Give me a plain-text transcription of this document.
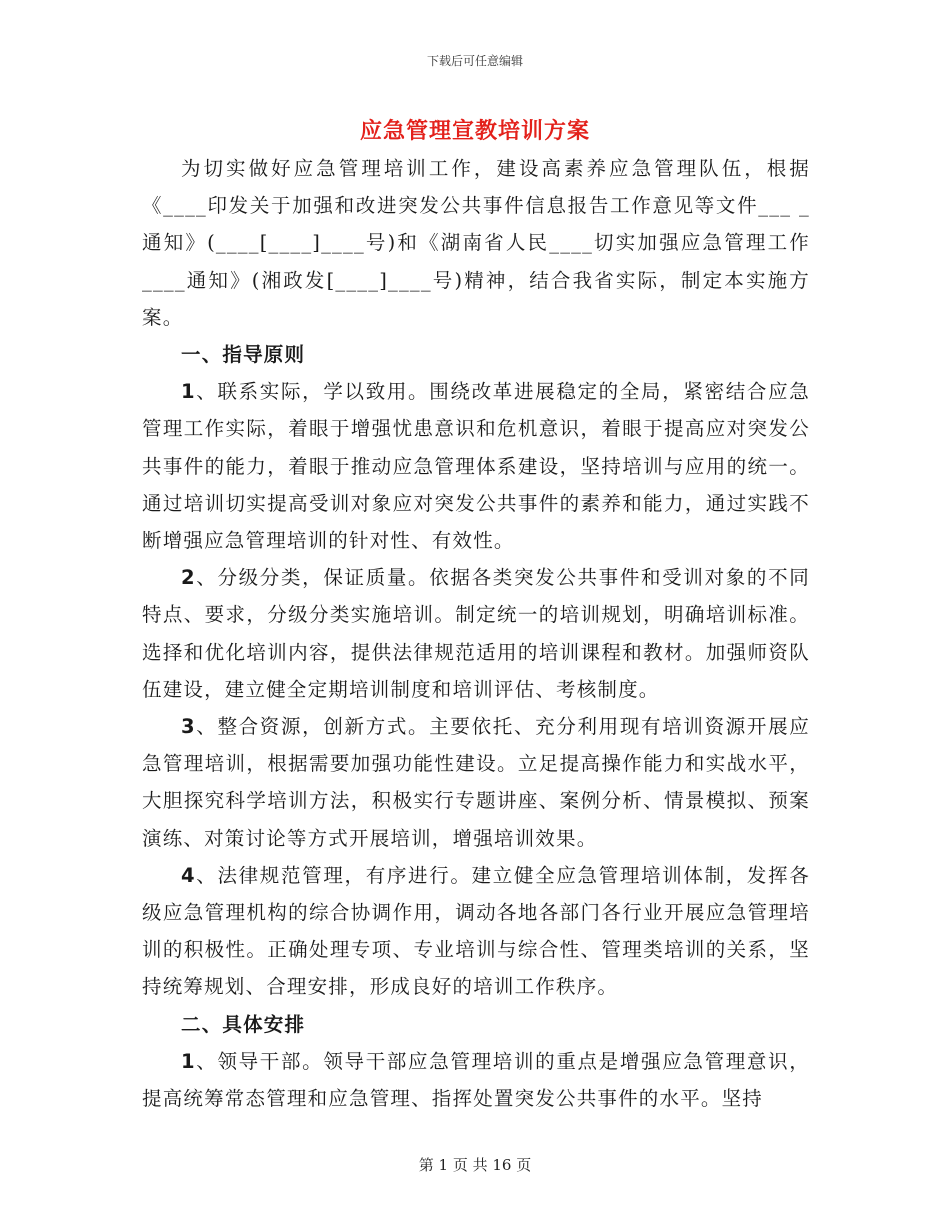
下载后可任意编辑
应急管理宣教培训方案

为切实做好应急管理培训工作，建设高素养应急管理队伍，根据《____印发关于加强和改进突发公共事件信息报告工作意见等文件___ _通知》(____[____]____号)和《湖南省人民____切实加强应急管理工作____通知》(湘政发[____]____号)精神，结合我省实际，制定本实施方案。

一、指导原则

1、联系实际，学以致用。围绕改革进展稳定的全局，紧密结合应急管理工作实际，着眼于增强忧患意识和危机意识，着眼于提高应对突发公共事件的能力，着眼于推动应急管理体系建设，坚持培训与应用的统一。通过培训切实提高受训对象应对突发公共事件的素养和能力，通过实践不断增强应急管理培训的针对性、有效性。

2、分级分类，保证质量。依据各类突发公共事件和受训对象的不同特点、要求，分级分类实施培训。制定统一的培训规划，明确培训标准。选择和优化培训内容，提供法律规范适用的培训课程和教材。加强师资队伍建设，建立健全定期培训制度和培训评估、考核制度。

3、整合资源，创新方式。主要依托、充分利用现有培训资源开展应急管理培训，根据需要加强功能性建设。立足提高操作能力和实战水平，大胆探究科学培训方法，积极实行专题讲座、案例分析、情景模拟、预案演练、对策讨论等方式开展培训，增强培训效果。

4、法律规范管理，有序进行。建立健全应急管理培训体制，发挥各级应急管理机构的综合协调作用，调动各地各部门各行业开展应急管理培训的积极性。正确处理专项、专业培训与综合性、管理类培训的关系，坚持统筹规划、合理安排，形成良好的培训工作秩序。

二、具体安排

1、领导干部。领导干部应急管理培训的重点是增强应急管理意识，提高统筹常态管理和应急管理、指挥处置突发公共事件的水平。坚持

第 1 页 共 16 页
